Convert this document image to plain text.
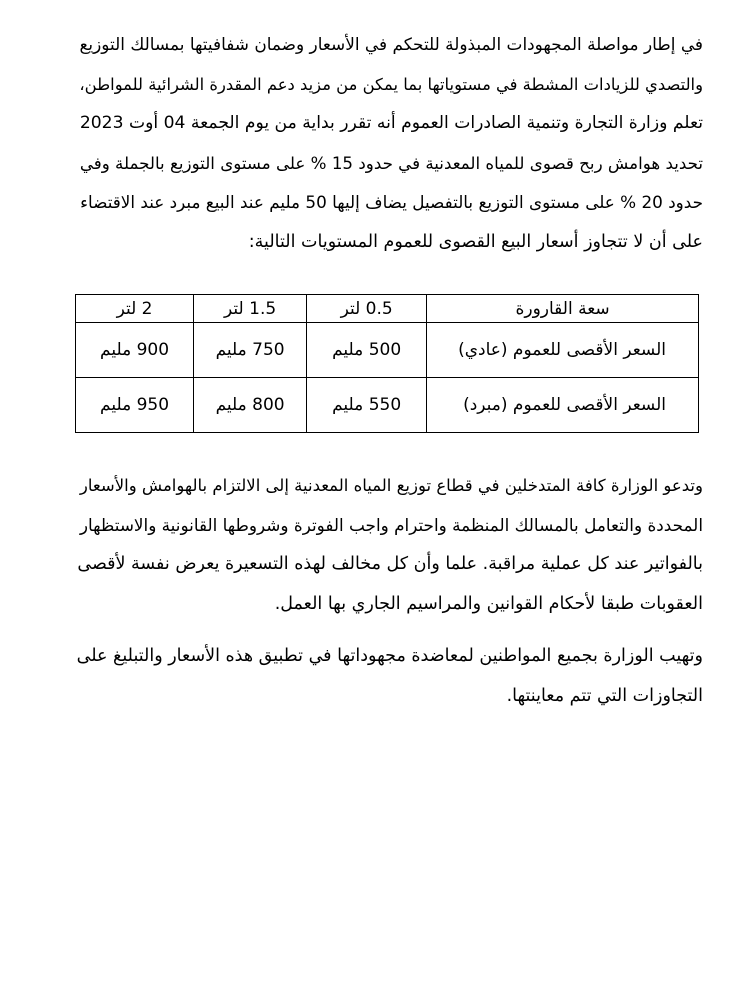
في إطار مواصلة المجهودات المبذولة للتحكم في الأسعار وضمان شفافيتها بمسالك التوزيع
والتصدي للزيادات المشطة في مستوياتها بما يمكن من مزيد دعم المقدرة الشرائية للمواطن،
تعلم وزارة التجارة وتنمية الصادرات العموم أنه تقرر بداية من يوم الجمعة 04 أوت 2023
تحديد هوامش ربح قصوى للمياه المعدنية في حدود 15 % على مستوى التوزيع بالجملة وفي
حدود 20 % على مستوى التوزيع بالتفصيل يضاف إليها 50 مليم عند البيع مبرد عند الاقتضاء
على أن لا تتجاوز أسعار البيع القصوى للعموم المستويات التالية:

سعة القارورة	0.5 لتر	1.5 لتر	2 لتر
السعر الأقصى للعموم (عادي)	500 مليم	750 مليم	900 مليم
السعر الأقصى للعموم (مبرد)	550 مليم	800 مليم	950 مليم

وتدعو الوزارة كافة المتدخلين في قطاع توزيع المياه المعدنية إلى الالتزام بالهوامش والأسعار
المحددة والتعامل بالمسالك المنظمة واحترام واجب الفوترة وشروطها القانونية والاستظهار
بالفواتير عند كل عملية مراقبة. علما وأن كل مخالف لهذه التسعيرة يعرض نفسة لأقصى
العقوبات طبقا لأحكام القوانين والمراسيم الجاري بها العمل.

وتهيب الوزارة بجميع المواطنين لمعاضدة مجهوداتها في تطبيق هذه الأسعار والتبليغ على
التجاوزات التي تتم معاينتها.
